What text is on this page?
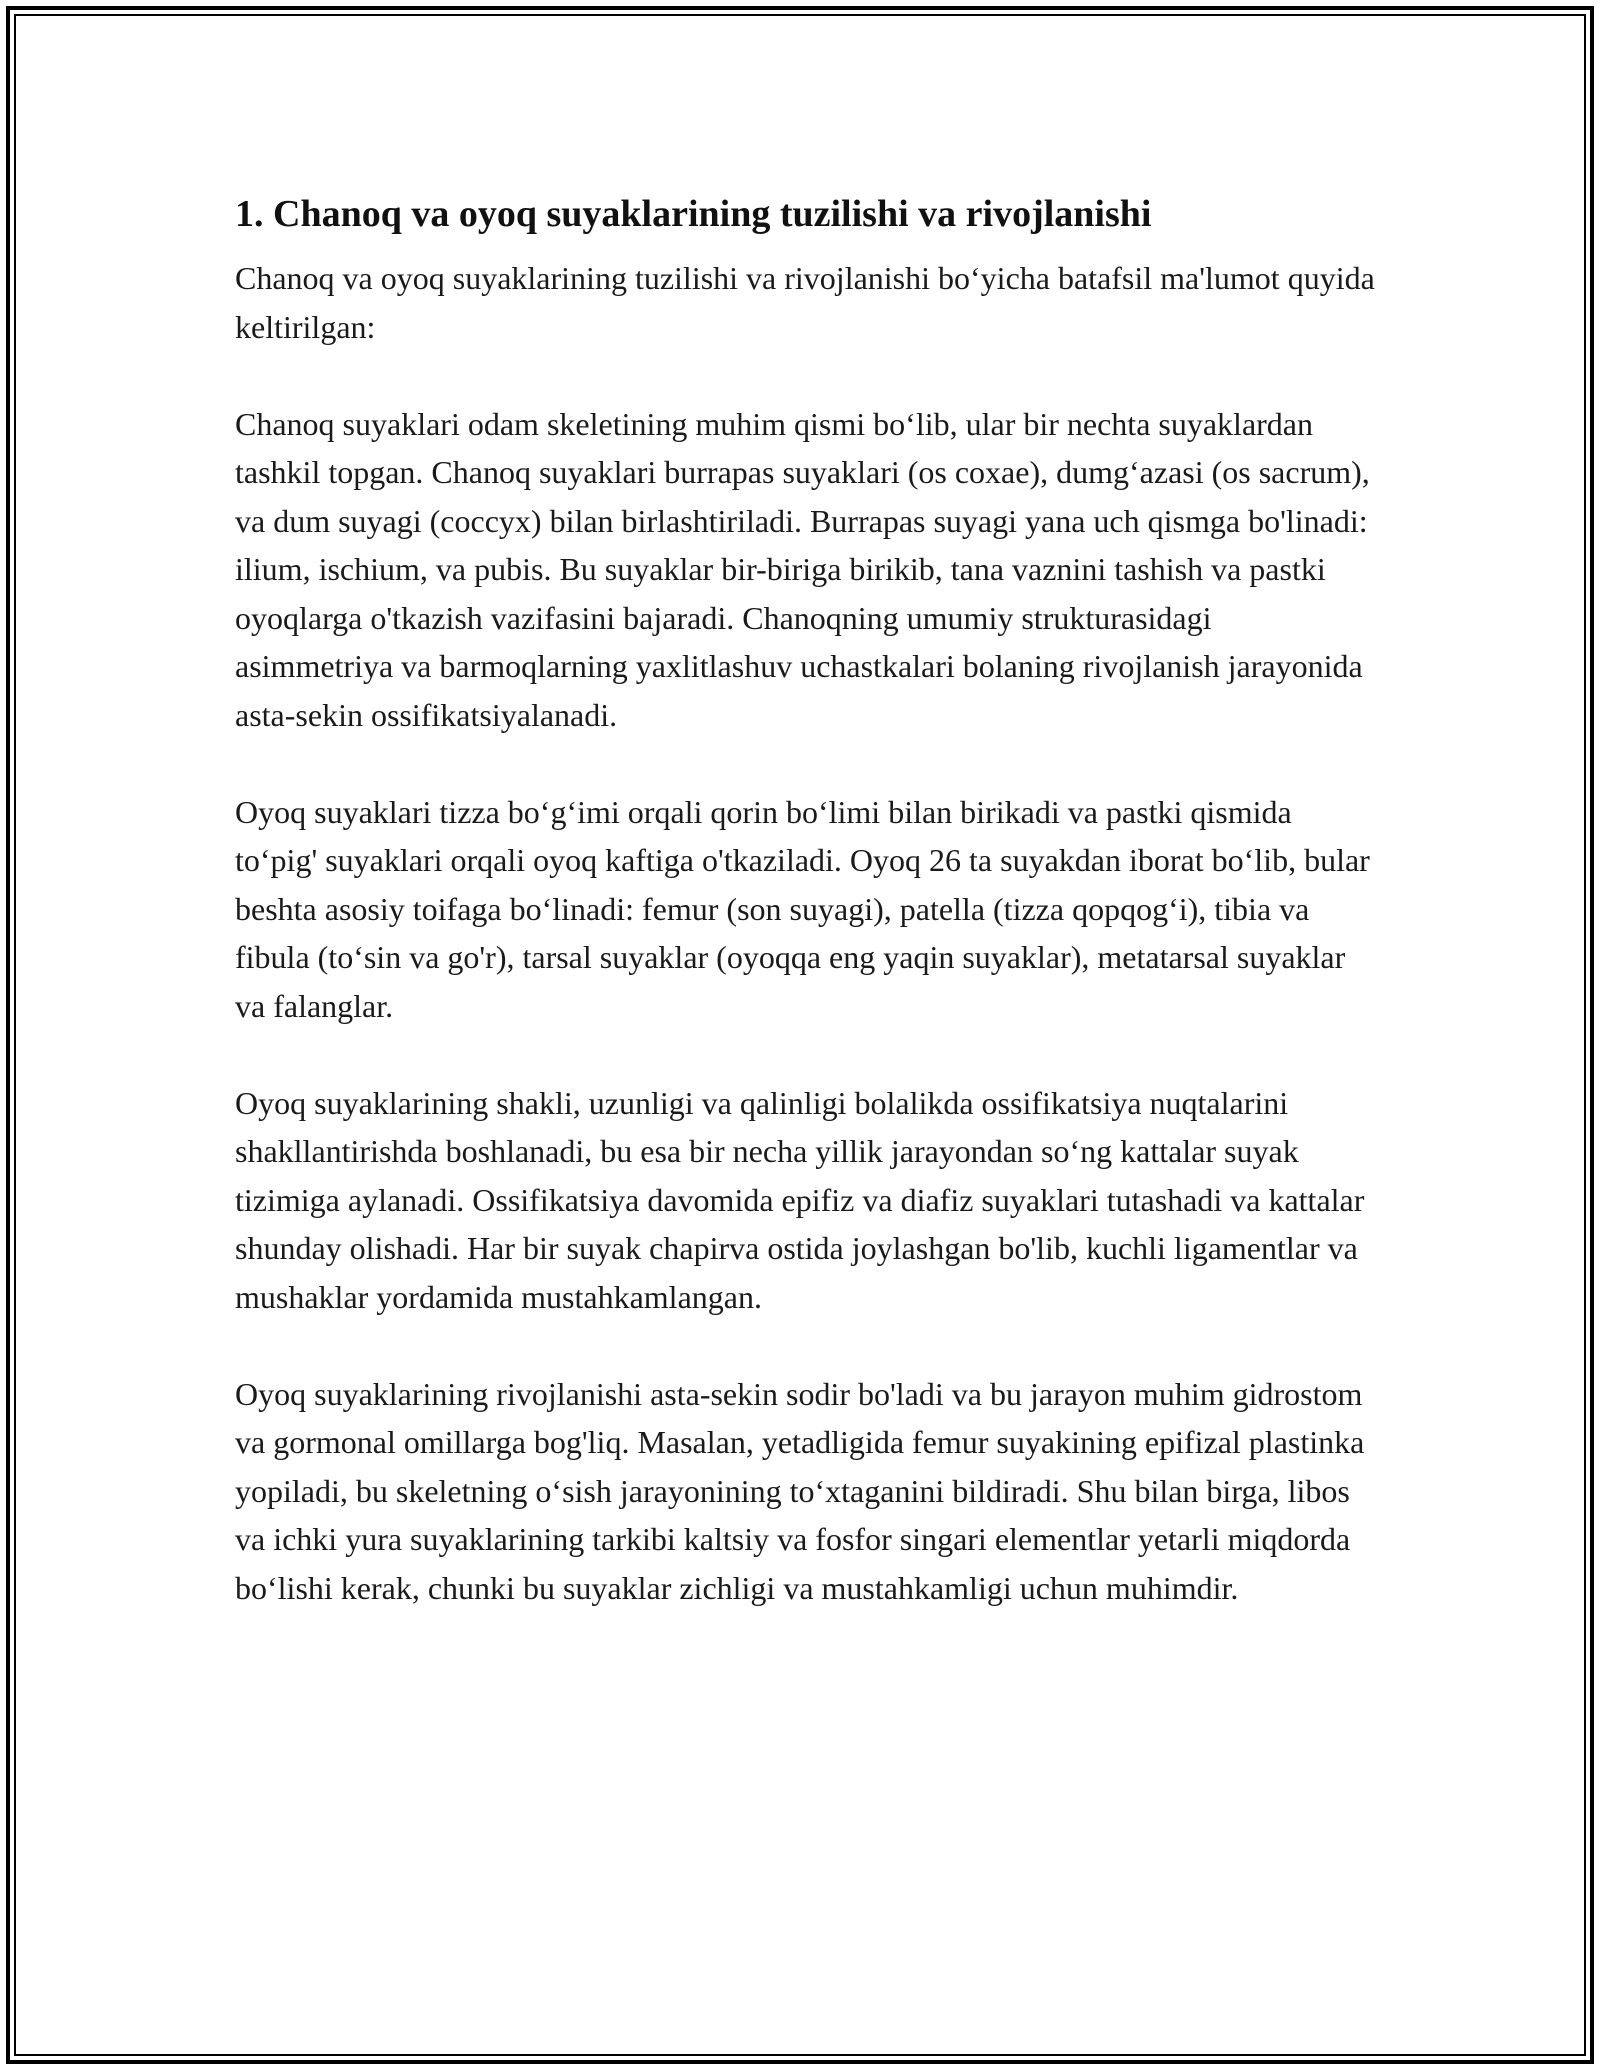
1. Chanoq va oyoq suyaklarining tuzilishi va rivojlanishi

Chanoq va oyoq suyaklarining tuzilishi va rivojlanishi bo‘yicha batafsil ma'lumot quyida keltirilgan:

Chanoq suyaklari odam skeletining muhim qismi bo‘lib, ular bir nechta suyaklardan tashkil topgan. Chanoq suyaklari burrapas suyaklari (os coxae), dumg‘azasi (os sacrum), va dum suyagi (coccyx) bilan birlashtiriladi. Burrapas suyagi yana uch qismga bo'linadi: ilium, ischium, va pubis. Bu suyaklar bir-biriga birikib, tana vaznini tashish va pastki oyoqlarga o'tkazish vazifasini bajaradi. Chanoqning umumiy strukturasidagi asimmetriya va barmoqlarning yaxlitlashuv uchastkalari bolaning rivojlanish jarayonida asta-sekin ossifikatsiyalanadi.

Oyoq suyaklari tizza bo‘g‘imi orqali qorin bo‘limi bilan birikadi va pastki qismida to‘pig' suyaklari orqali oyoq kaftiga o'tkaziladi. Oyoq 26 ta suyakdan iborat bo‘lib, bular beshta asosiy toifaga bo‘linadi: femur (son suyagi), patella (tizza qopqog‘i), tibia va fibula (to‘sin va go'r), tarsal suyaklar (oyoqqa eng yaqin suyaklar), metatarsal suyaklar va falanglar.

Oyoq suyaklarining shakli, uzunligi va qalinligi bolalikda ossifikatsiya nuqtalarini shakllantirishda boshlanadi, bu esa bir necha yillik jarayondan so‘ng kattalar suyak tizimiga aylanadi. Ossifikatsiya davomida epifiz va diafiz suyaklari tutashadi va kattalar shunday olishadi. Har bir suyak chapirva ostida joylashgan bo'lib, kuchli ligamentlar va mushaklar yordamida mustahkamlangan.

Oyoq suyaklarining rivojlanishi asta-sekin sodir bo'ladi va bu jarayon muhim gidrostom va gormonal omillarga bog'liq. Masalan, yetadligida femur suyakining epifizal plastinka yopiladi, bu skeletning o‘sish jarayonining to‘xtaganini bildiradi. Shu bilan birga, libos va ichki yura suyaklarining tarkibi kaltsiy va fosfor singari elementlar yetarli miqdorda bo‘lishi kerak, chunki bu suyaklar zichligi va mustahkamligi uchun muhimdir.
